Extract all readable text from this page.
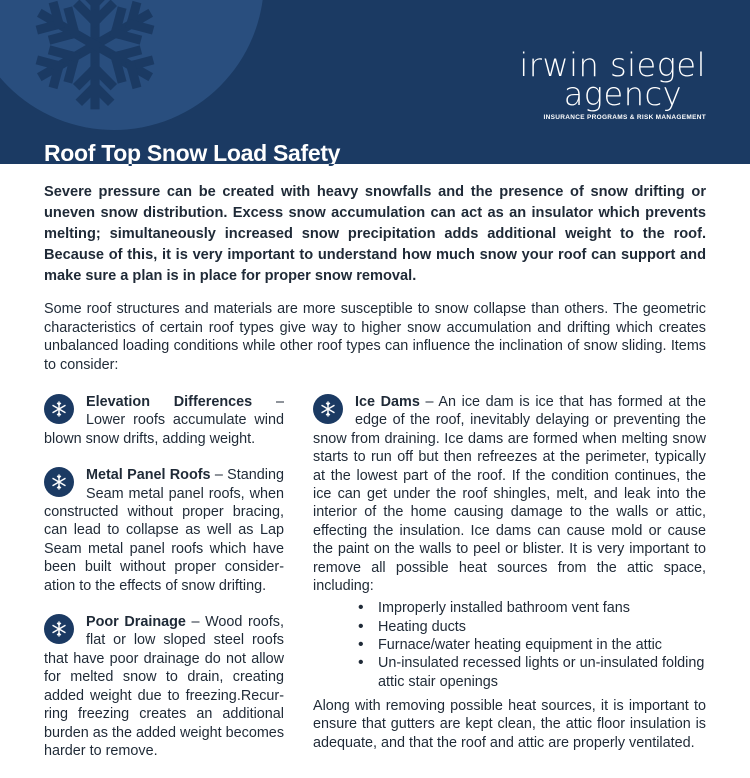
irwin siegel
agency
INSURANCE PROGRAMS & RISK MANAGEMENT
Roof Top Snow Load Safety

Severe pressure can be created with heavy snowfalls and the presence of snow drifting or uneven snow distribution. Excess snow accumulation can act as an insulator which prevents melting; simultaneously increased snow precipitation adds additional weight to the roof. Because of this, it is very important to understand how much snow your roof can support and make sure a plan is in place for proper snow removal.

Some roof structures and materials are more susceptible to snow collapse than others. The geometric characteristics of certain roof types give way to higher snow accumulation and drifting which creates unbalanced loading conditions while other roof types can influence the inclination of snow sliding. Items to consider:

Elevation Differences – Lower roofs accumulate wind blown snow drifts, adding weight.
Metal Panel Roofs – Standing Seam metal panel roofs, when constructed without proper bracing, can lead to collapse as well as Lap Seam metal panel roofs which have been built without proper consider-ation to the effects of snow drifting.
Poor Drainage – Wood roofs, flat or low sloped steel roofs that have poor drainage do not allow for melted snow to drain, creating added weight due to freezing.Recur-ring freezing creates an additional burden as the added weight becomes harder to remove.
Ice Dams – An ice dam is ice that has formed at the edge of the roof, inevitably delaying or preventing the snow from draining. Ice dams are formed when melting snow starts to run off but then refreezes at the perimeter, typically at the lowest part of the roof. If the condition continues, the ice can get under the roof shingles, melt, and leak into the interior of the home causing damage to the walls or attic, effecting the insulation. Ice dams can cause mold or cause the paint on the walls to peel or blister. It is very important to remove all possible heat sources from the attic space, including:
• Improperly installed bathroom vent fans
• Heating ducts
• Furnace/water heating equipment in the attic
• Un-insulated recessed lights or un-insulated folding attic stair openings

Along with removing possible heat sources, it is important to ensure that gutters are kept clean, the attic floor insulation is adequate, and that the roof and attic are properly ventilated.
